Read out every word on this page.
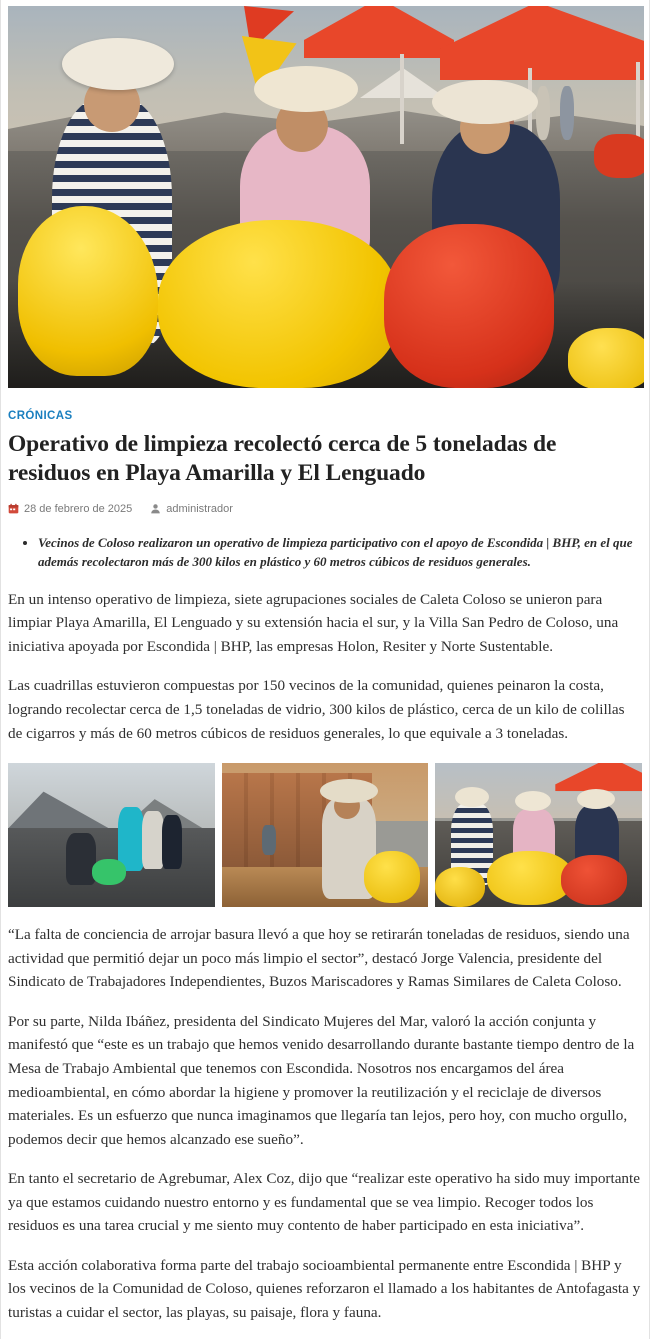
CRÓNICAS
Operativo de limpieza recolectó cerca de 5 toneladas de residuos en Playa Amarilla y El Lenguado
28 de febrero de 2025	administrador
• Vecinos de Coloso realizaron un operativo de limpieza participativo con el apoyo de Escondida | BHP, en el que además recolectaron más de 300 kilos en plástico y 60 metros cúbicos de residuos generales.

En un intenso operativo de limpieza, siete agrupaciones sociales de Caleta Coloso se unieron para limpiar Playa Amarilla, El Lenguado y su extensión hacia el sur, y la Villa San Pedro de Coloso, una iniciativa apoyada por Escondida | BHP, las empresas Holon, Resiter y Norte Sustentable.

Las cuadrillas estuvieron compuestas por 150 vecinos de la comunidad, quienes peinaron la costa, logrando recolectar cerca de 1,5 toneladas de vidrio, 300 kilos de plástico, cerca de un kilo de colillas de cigarros y más de 60 metros cúbicos de residuos generales, lo que equivale a 3 toneladas.

“La falta de conciencia de arrojar basura llevó a que hoy se retirarán toneladas de residuos, siendo una actividad que permitió dejar un poco más limpio el sector”, destacó Jorge Valencia, presidente del Sindicato de Trabajadores Independientes, Buzos Mariscadores y Ramas Similares de Caleta Coloso.

Por su parte, Nilda Ibáñez, presidenta del Sindicato Mujeres del Mar, valoró la acción conjunta y manifestó que “este es un trabajo que hemos venido desarrollando durante bastante tiempo dentro de la Mesa de Trabajo Ambiental que tenemos con Escondida. Nosotros nos encargamos del área medioambiental, en cómo abordar la higiene y promover la reutilización y el reciclaje de diversos materiales. Es un esfuerzo que nunca imaginamos que llegaría tan lejos, pero hoy, con mucho orgullo, podemos decir que hemos alcanzado ese sueño”.

En tanto el secretario de Agrebumar, Alex Coz, dijo que “realizar este operativo ha sido muy importante ya que estamos cuidando nuestro entorno y es fundamental que se vea limpio. Recoger todos los residuos es una tarea crucial y me siento muy contento de haber participado en esta iniciativa”.

Esta acción colaborativa forma parte del trabajo socioambiental permanente entre Escondida | BHP y los vecinos de la Comunidad de Coloso, quienes reforzaron el llamado a los habitantes de Antofagasta y turistas a cuidar el sector, las playas, su paisaje, flora y fauna.
